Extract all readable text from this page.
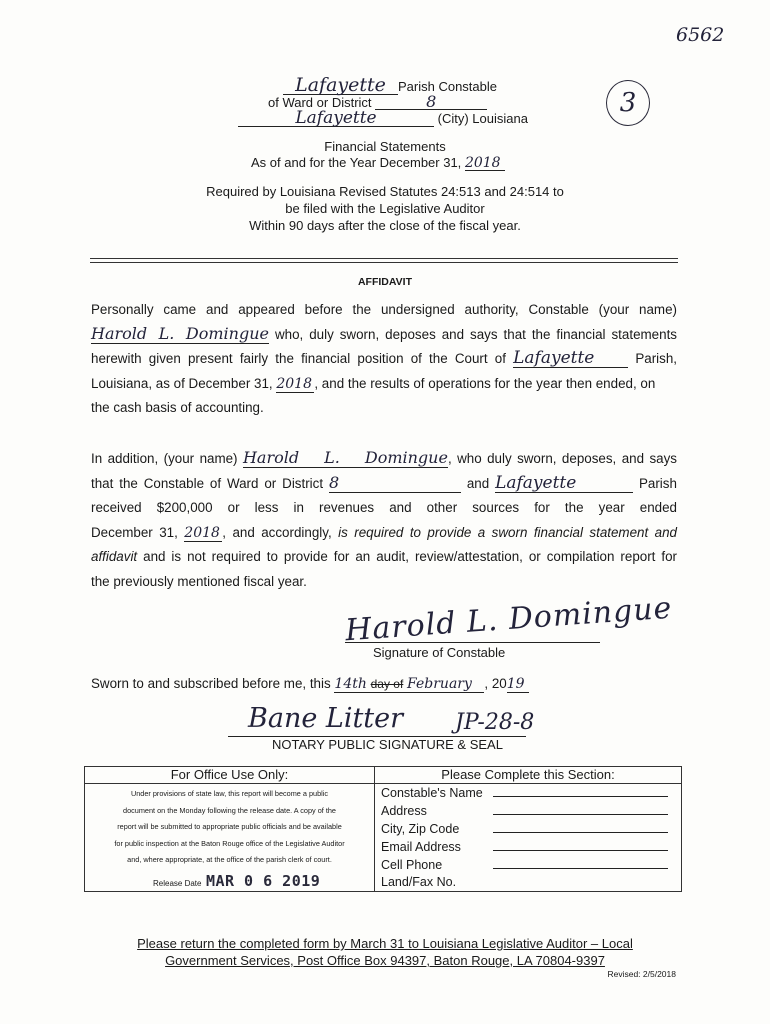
6562
3
Lafayette Parish Constable
of Ward or District	8
Lafayette	(City) Louisiana
Financial Statements
As of and for the Year December 31, 2018
Required by Louisiana Revised Statutes 24:513 and 24:514 to
be filed with the Legislative Auditor
Within 90 days after the close of the fiscal year.
AFFIDAVIT
Personally came and appeared before the undersigned authority, Constable (your name)
Harold L. Domingue who, duly sworn, deposes and says that the financial statements
herewith given present fairly the financial position of the Court of Lafayette	Parish,
Louisiana, as of December 31, 2018 , and the results of operations for the year then ended, on
the cash basis of accounting.
In addition, (your name) Harold L. Domingue, who duly sworn, deposes, and says
that the Constable of Ward or District 8	and Lafayette	Parish
received $200,000 or less in revenues and other sources for the year ended
December 31, 2018 , and accordingly, is required to provide a sworn financial statement and
affidavit and is not required to provide for an audit, review/attestation, or compilation report for
the previously mentioned fiscal year.
Harold L. Domingue
Signature of Constable
Sworn to and subscribed before me, this 14th day of February , 2019
Bane Litter JP-28-8
NOTARY PUBLIC SIGNATURE & SEAL
For Office Use Only:
Under provisions of state law, this report will become a public
document on the Monday following the release date. A copy of the
report will be submitted to appropriate public officials and be available
for public inspection at the Baton Rouge office of the Legislative Auditor
and, where appropriate, at the office of the parish clerk of court.
Release Date MAR 0 6 2019
Please Complete this Section:
Constable's Name
Address
City, Zip Code
Email Address
Cell Phone
Land/Fax No.
Please return the completed form by March 31 to Louisiana Legislative Auditor – Local
Government Services, Post Office Box 94397, Baton Rouge, LA 70804-9397
Revised: 2/5/2018
